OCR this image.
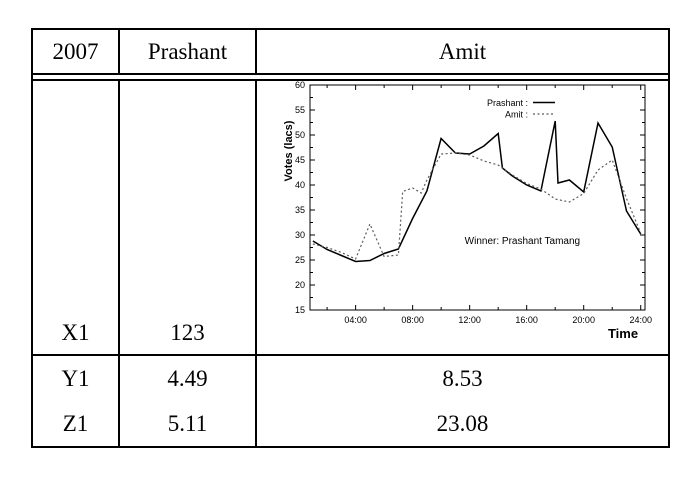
2007	Prashant	Amit
X1	123
15
20
25
30
35
40
45
50
55
60
04:00	08:00	12:00	16:00	20:00	24:00
Prashant :
Amit :
Winner: Prashant Tamang
Votes (lacs)
Time
Y1	4.49	8.53
Z1	5.11	23.08
